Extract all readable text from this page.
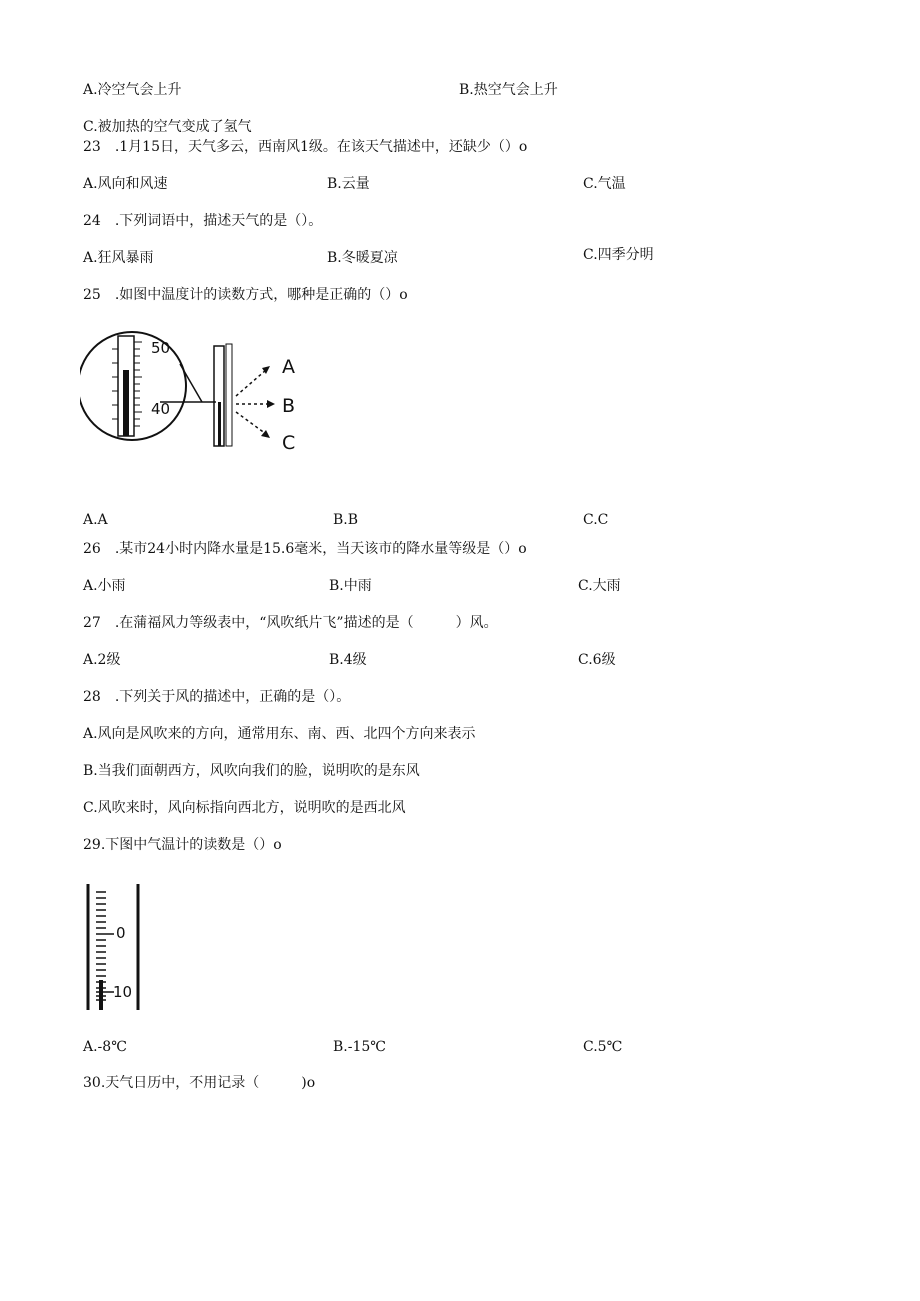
A.冷空气会上升	B.热空气会上升
C.被加热的空气变成了氢气
23　.1月15日，天气多云，西南风1级。在该天气描述中，还缺少（）o
A.风向和风速	B.云量	C.气温
24　.下列词语中，描述天气的是（）。
A.狂风暴雨	B.冬暖夏凉	C.四季分明
25　.如图中温度计的读数方式，哪种是正确的（）o
50
40
A
B
C
A.A	B.B	C.C
26　.某市24小时内降水量是15.6毫米，当天该市的降水量等级是（）o
A.小雨	B.中雨	C.大雨
27　.在蒲福风力等级表中，“风吹纸片飞”描述的是（　　　）风。
A.2级	B.4级	C.6级
28　.下列关于风的描述中，正确的是（）。
A.风向是风吹来的方向，通常用东、南、西、北四个方向来表示
B.当我们面朝西方，风吹向我们的脸，说明吹的是东风
C.风吹来时，风向标指向西北方，说明吹的是西北风
29.下图中气温计的读数是（）o
0
10
A.-8℃	B.-15℃	C.5℃
30.天气日历中，不用记录（　　　)o
